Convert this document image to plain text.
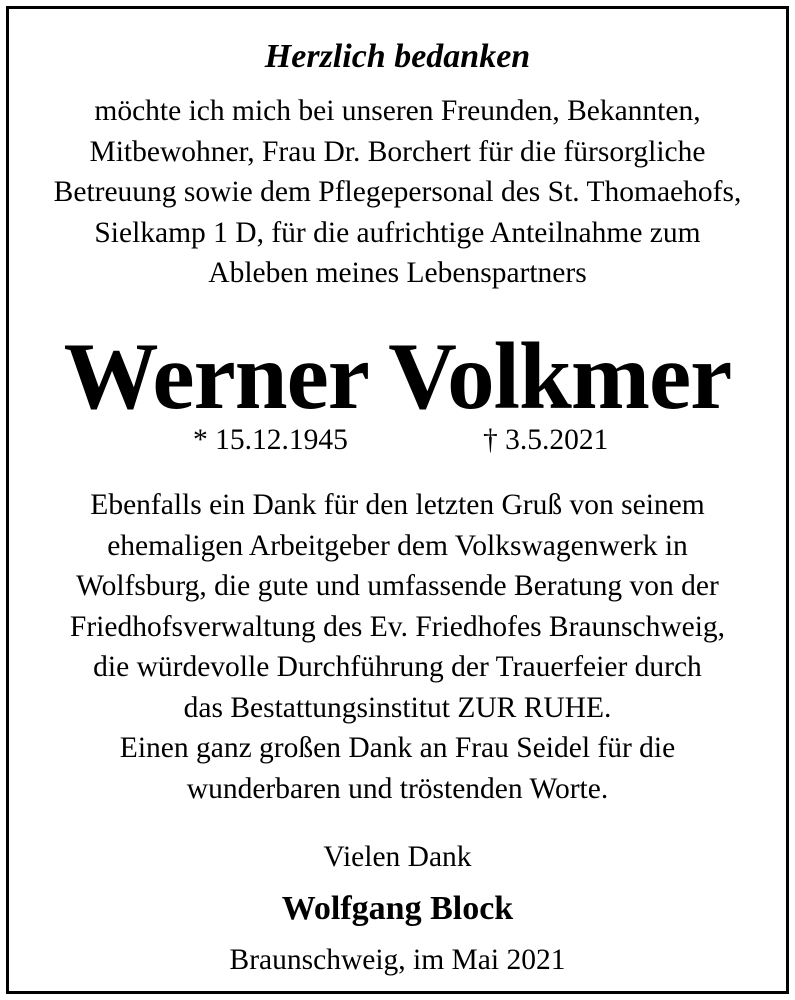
Herzlich bedanken
möchte ich mich bei unseren Freunden, Bekannten,
Mitbewohner, Frau Dr. Borchert für die fürsorgliche
Betreuung sowie dem Pflegepersonal des St. Thomaehofs,
Sielkamp 1 D, für die aufrichtige Anteilnahme zum
Ableben meines Lebenspartners
Werner Volkmer
* 15.12.1945	† 3.5.2021
Ebenfalls ein Dank für den letzten Gruß von seinem
ehemaligen Arbeitgeber dem Volkswagenwerk in
Wolfsburg, die gute und umfassende Beratung von der
Friedhofsverwaltung des Ev. Friedhofes Braunschweig,
die würdevolle Durchführung der Trauerfeier durch
das Bestattungsinstitut ZUR RUHE.
Einen ganz großen Dank an Frau Seidel für die
wunderbaren und tröstenden Worte.
Vielen Dank
Wolfgang Block
Braunschweig, im Mai 2021
